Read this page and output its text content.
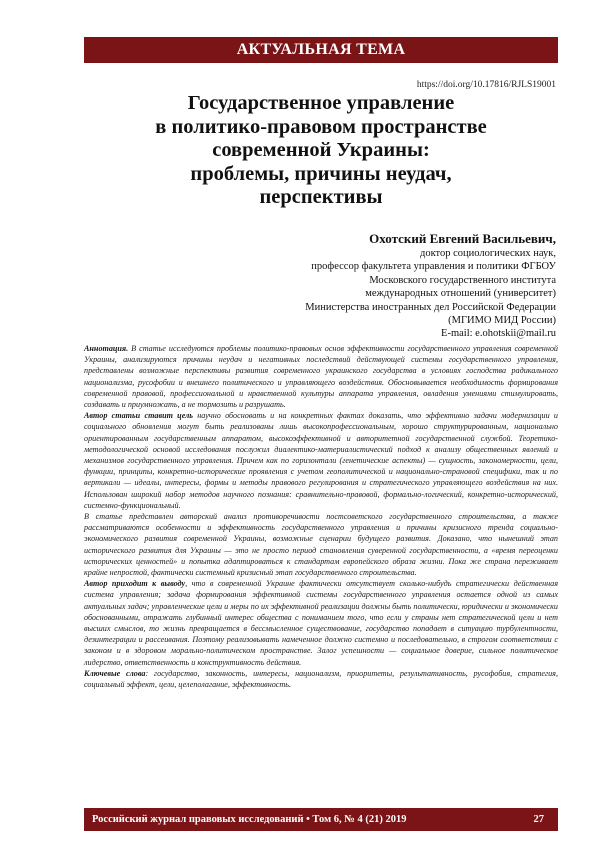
АКТУАЛЬНАЯ ТЕМА
https://doi.org/10.17816/RJLS19001
Государственное управление
в политико-правовом пространстве
современной Украины:
проблемы, причины неудач,
перспективы
Охотский Евгений Васильевич,
доктор социологических наук,
профессор факультета управления и политики ФГБОУ
Московского государственного института
международных отношений (университет)
Министерства иностранных дел Российской Федерации
(МГИМО МИД России)
E-mail: e.ohotskii@mail.ru

Аннотация. В статье исследуются проблемы политико-правовых основ эффективности государственного управления современной Украины, анализируются причины неудач и негативных последствий действующей системы государственного управления, представлены возможные перспективы развития современного украинского государства в условиях господства радикального национализма, русофобии и внешнего политического и управляющего воздействия. Обосновывается необходимость формирования современной правовой, профессиональной и нравственной культуры аппарата управления, овладения умениями стимулировать, создавать и приумножать, а не тормозить и разрушать.

Автор статьи ставит цель научно обосновать и на конкретных фактах доказать, что эффективно задачи модернизации и социального обновления могут быть реализованы лишь высокопрофессиональным, хорошо структурированным, национально ориентированным государственным аппаратом, высокоэффективной и авторитетной государственной службой. Теоретико-методологической основой исследования послужил диалектико-материалистический подход к анализу общественных явлений и механизмов государственного управления. Причем как по горизонтали (генетические аспекты) — сущность, закономерности, цели, функции, принципы, конкретно-исторические проявления с учетом геополитической и национально-страновой специфики, так и по вертикали — идеалы, интересы, формы и методы правового регулирования и стратегического управляющего воздействия на них. Использован широкий набор методов научного познания: сравнительно-правовой, формально-логический, конкретно-исторический, системно-функциональный.

В статье представлен авторский анализ противоречивости постсоветского государственного строительства, а также рассматриваются особенности и эффективность государственного управления и причины кризисного тренда социально-экономического развития современной Украины, возможные сценарии будущего развития. Доказано, что нынешний этап исторического развития для Украины — это не просто период становления суверенной государственности, а «время переоценки исторических ценностей» и попытка адаптироваться к стандартам европейского образа жизни. Пока же страна переживает крайне непростой, фактически системный кризисный этап государственного строительства.

Автор приходит к выводу, что в современной Украине фактически отсутствует сколько-нибудь стратегически действенная система управления; задача формирования эффективной системы государственного управления остается одной из самых актуальных задач; управленческие цели и меры по их эффективной реализации должны быть политически, юридически и экономически обоснованными, отражать глубинный интерес общества с пониманием того, что если у страны нет стратегической цели и нет высших смыслов, то жизнь превращается в бессмысленное существование, государство попадает в ситуацию турбулентности, дезинтеграции и рассеивания. Поэтому реализовывать намеченное должно системно и последовательно, в строгом соответствии с законом и в здоровом морально-политическом пространстве. Залог успешности — социальное доверие, сильное политическое лидерство, ответственность и конструктивность действия.

Ключевые слова: государство, законность, интересы, национализм, приоритеты, результативность, русофобия, стратегия, социальный эффект, цели, целеполагание, эффективность.

Российский журнал правовых исследований • Том 6, № 4 (21) 2019	27
